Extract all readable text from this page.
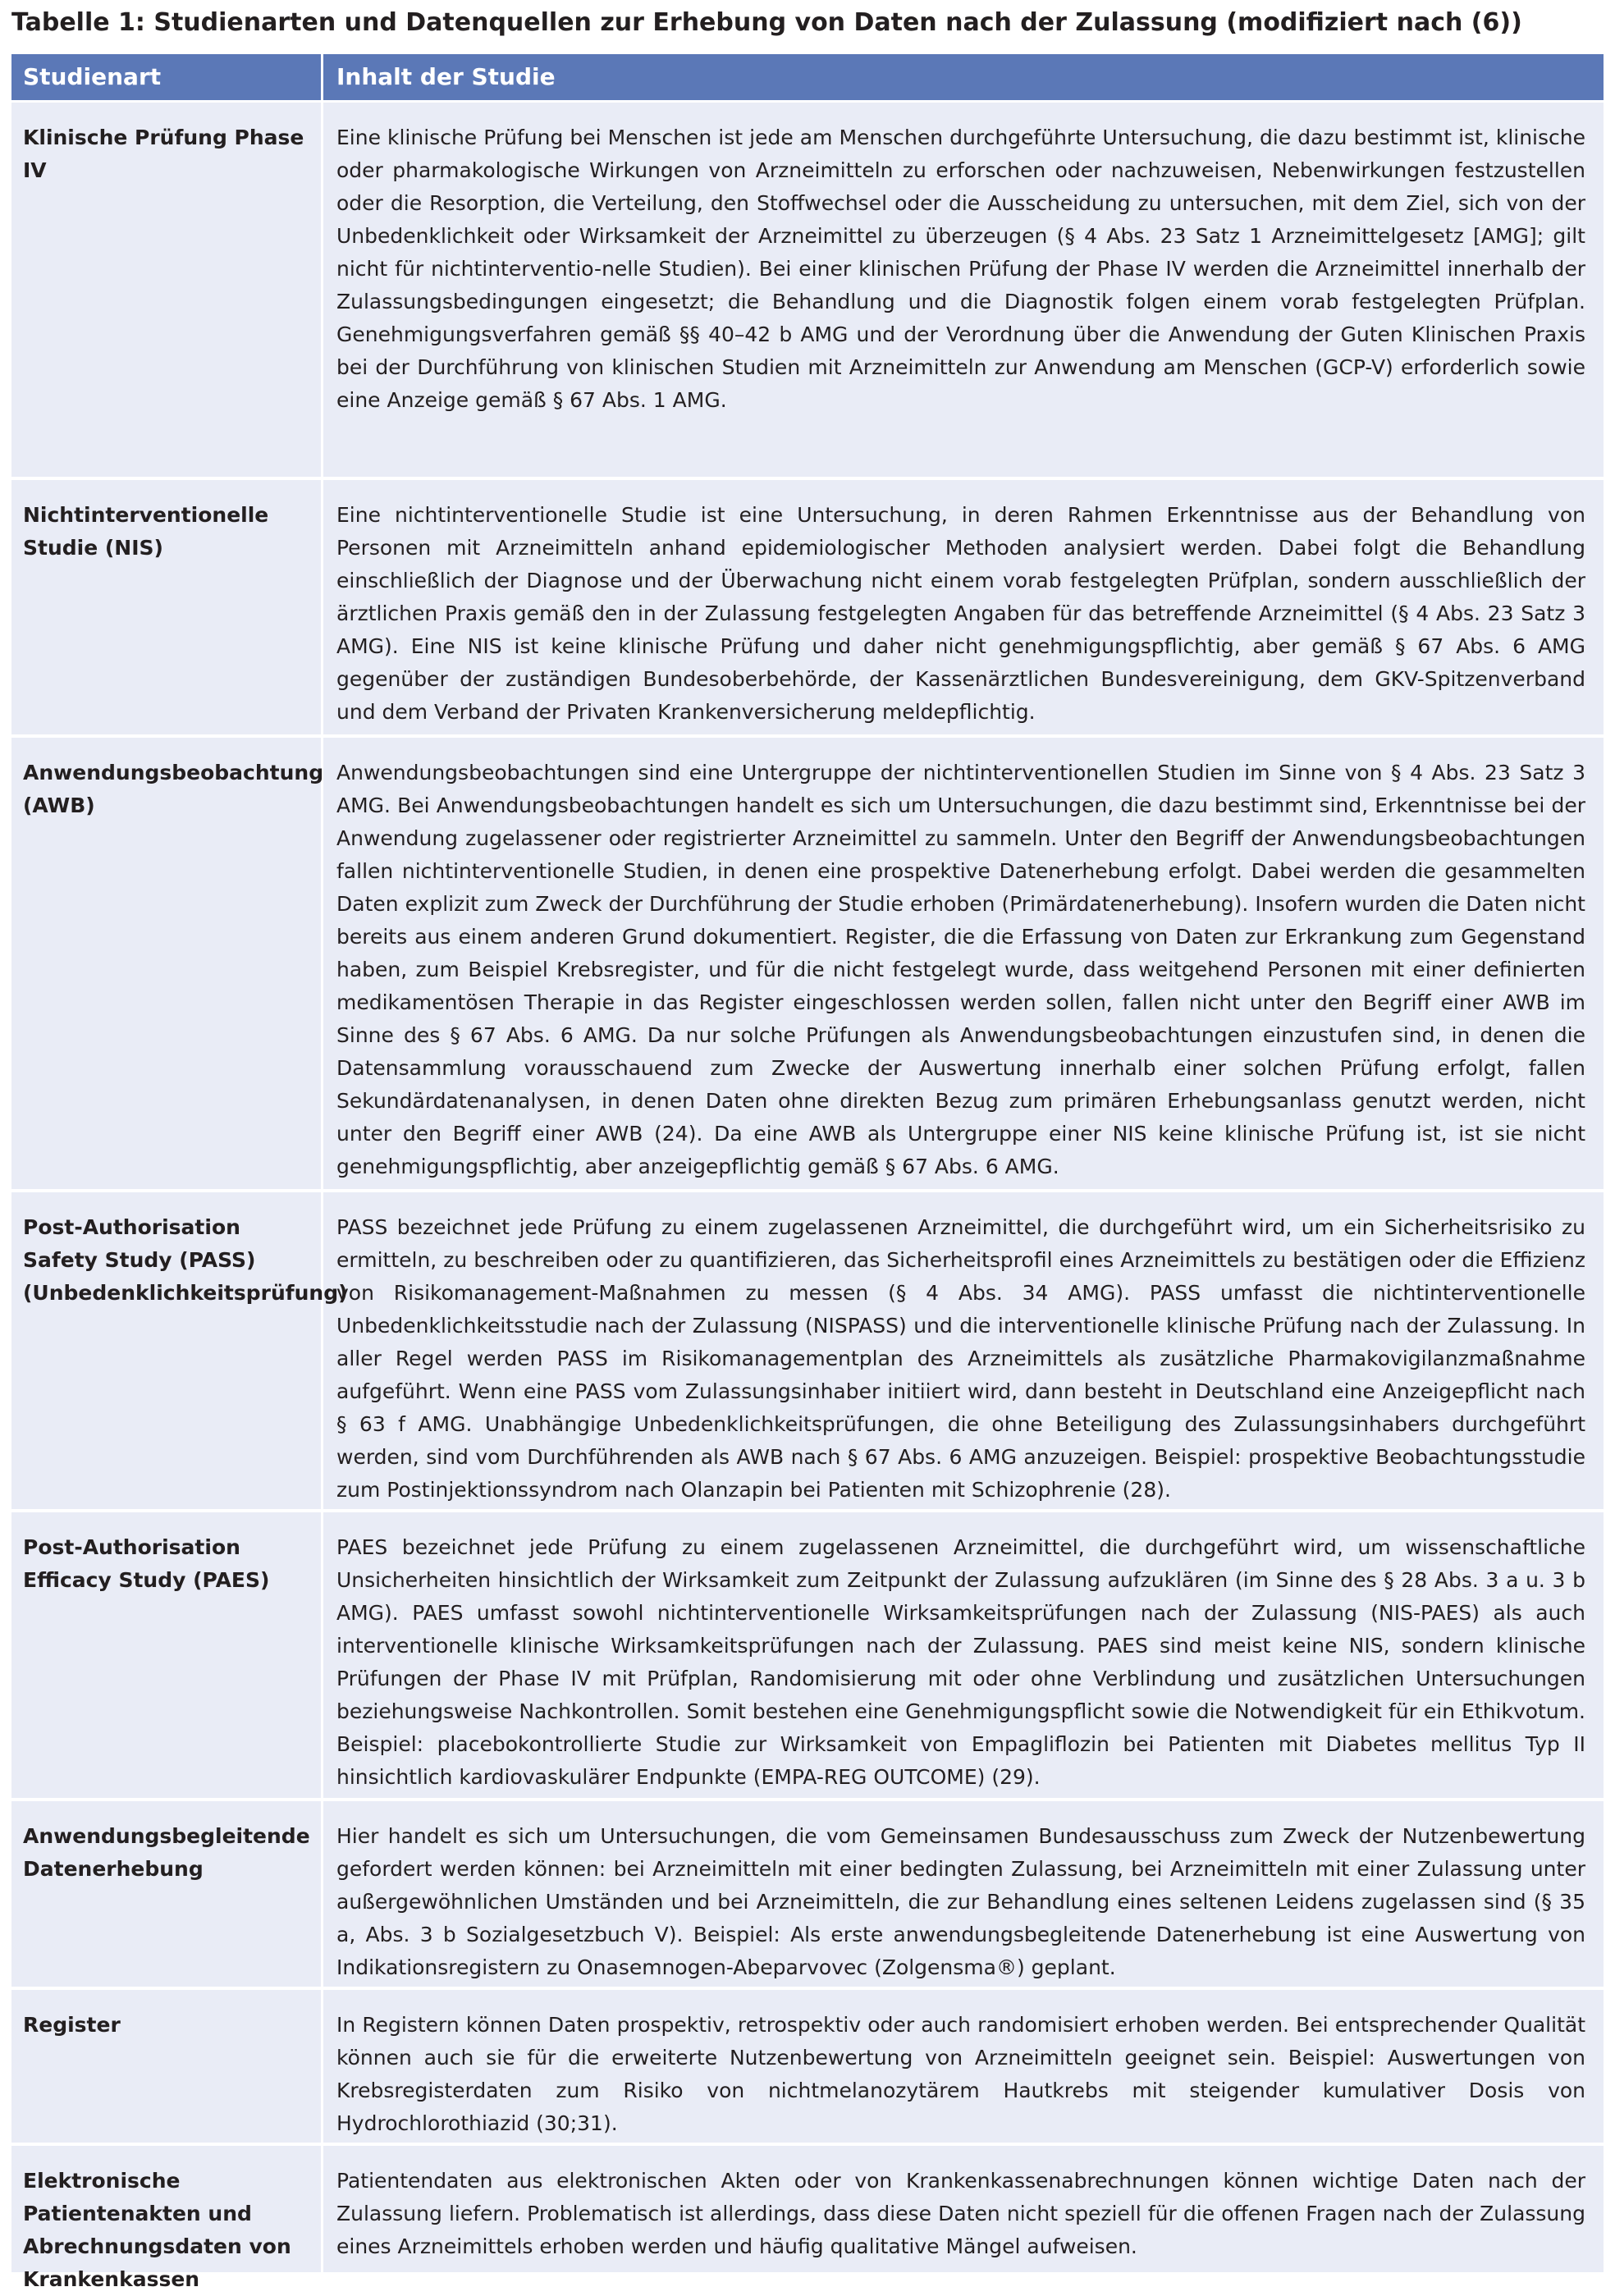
Tabelle 1: Studienarten und Datenquellen zur Erhebung von Daten nach der Zulassung (modifiziert nach (6))
Studienart	Inhalt der Studie
Klinische Prüfung Phase IV
Eine klinische Prüfung bei Menschen ist jede am Menschen durchgeführte Untersuchung, die dazu bestimmt ist, klinische oder pharmakologische Wirkungen von Arzneimitteln zu erforschen oder nachzuweisen, Nebenwirkungen festzustellen oder die Resorption, die Verteilung, den Stoffwechsel oder die Ausscheidung zu untersuchen, mit dem Ziel, sich von der Unbedenklichkeit oder Wirksamkeit der Arzneimittel zu überzeugen (§ 4 Abs. 23 Satz 1 Arzneimittelgesetz [AMG]; gilt nicht für nichtinterventio-nelle Studien). Bei einer klinischen Prüfung der Phase IV werden die Arzneimittel innerhalb der Zulassungsbedingungen eingesetzt; die Behandlung und die Diagnostik folgen einem vorab festgelegten Prüfplan. Genehmigungsverfahren gemäß §§ 40–42 b AMG und der Verordnung über die Anwendung der Guten Klinischen Praxis bei der Durchführung von klinischen Studien mit Arzneimitteln zur Anwendung am Menschen (GCP-V) erforderlich sowie eine Anzeige gemäß § 67 Abs. 1 AMG.
Nichtinterventionelle Studie (NIS)
Eine nichtinterventionelle Studie ist eine Untersuchung, in deren Rahmen Erkenntnisse aus der Behandlung von Personen mit Arzneimitteln anhand epidemiologischer Methoden analysiert werden. Dabei folgt die Behandlung einschließlich der Diagnose und der Überwachung nicht einem vorab festgelegten Prüfplan, sondern ausschließlich der ärztlichen Praxis gemäß den in der Zulassung festgelegten Angaben für das betreffende Arzneimittel (§ 4 Abs. 23 Satz 3 AMG). Eine NIS ist keine klinische Prüfung und daher nicht genehmigungspflichtig, aber gemäß § 67 Abs. 6 AMG gegenüber der zuständigen Bundesoberbehörde, der Kassenärztlichen Bundesvereinigung, dem GKV-Spitzenverband und dem Verband der Privaten Krankenversicherung meldepflichtig.
Anwendungsbeobachtung (AWB)
Anwendungsbeobachtungen sind eine Untergruppe der nichtinterventionellen Studien im Sinne von § 4 Abs. 23 Satz 3 AMG. Bei Anwendungsbeobachtungen handelt es sich um Untersuchungen, die dazu bestimmt sind, Erkenntnisse bei der Anwendung zugelassener oder registrierter Arzneimittel zu sammeln. Unter den Begriff der Anwendungsbeobachtungen fallen nichtinterventionelle Studien, in denen eine prospektive Datenerhebung erfolgt. Dabei werden die gesammelten Daten explizit zum Zweck der Durchführung der Studie erhoben (Primärdatenerhebung). Insofern wurden die Daten nicht bereits aus einem anderen Grund dokumentiert. Register, die die Erfassung von Daten zur Erkrankung zum Gegenstand haben, zum Beispiel Krebsregister, und für die nicht festgelegt wurde, dass weitgehend Personen mit einer definierten medikamentösen Therapie in das Register eingeschlossen werden sollen, fallen nicht unter den Begriff einer AWB im Sinne des § 67 Abs. 6 AMG. Da nur solche Prüfungen als Anwendungsbeobachtungen einzustufen sind, in denen die Datensammlung vorausschauend zum Zwecke der Auswertung innerhalb einer solchen Prüfung erfolgt, fallen Sekundärdatenanalysen, in denen Daten ohne direkten Bezug zum primären Erhebungsanlass genutzt werden, nicht unter den Begriff einer AWB (24). Da eine AWB als Untergruppe einer NIS keine klinische Prüfung ist, ist sie nicht genehmigungspflichtig, aber anzeigepflichtig gemäß § 67 Abs. 6 AMG.
Post-Authorisation Safety Study (PASS) (Unbedenklichkeitsprüfung)
PASS bezeichnet jede Prüfung zu einem zugelassenen Arzneimittel, die durchgeführt wird, um ein Sicherheitsrisiko zu ermitteln, zu beschreiben oder zu quantifizieren, das Sicherheitsprofil eines Arzneimittels zu bestätigen oder die Effizienz von Risikomanagement-Maßnahmen zu messen (§ 4 Abs. 34 AMG). PASS umfasst die nichtinterventionelle Unbedenklichkeitsstudie nach der Zulassung (NISPASS) und die interventionelle klinische Prüfung nach der Zulassung. In aller Regel werden PASS im Risikomanagementplan des Arzneimittels als zusätzliche Pharmakovigilanzmaßnahme aufgeführt. Wenn eine PASS vom Zulassungsinhaber initiiert wird, dann besteht in Deutschland eine Anzeigepflicht nach § 63 f AMG. Unabhängige Unbedenklichkeitsprüfungen, die ohne Beteiligung des Zulassungsinhabers durchgeführt werden, sind vom Durchführenden als AWB nach § 67 Abs. 6 AMG anzuzeigen. Beispiel: prospektive Beobachtungsstudie zum Postinjektionssyndrom nach Olanzapin bei Patienten mit Schizophrenie (28).
Post-Authorisation Efficacy Study (PAES)
PAES bezeichnet jede Prüfung zu einem zugelassenen Arzneimittel, die durchgeführt wird, um wissenschaftliche Unsicherheiten hinsichtlich der Wirksamkeit zum Zeitpunkt der Zulassung aufzuklären (im Sinne des § 28 Abs. 3 a u. 3 b AMG). PAES umfasst sowohl nichtinterventionelle Wirksamkeitsprüfungen nach der Zulassung (NIS-PAES) als auch interventionelle klinische Wirksamkeitsprüfungen nach der Zulassung. PAES sind meist keine NIS, sondern klinische Prüfungen der Phase IV mit Prüfplan, Randomisierung mit oder ohne Verblindung und zusätzlichen Untersuchungen beziehungsweise Nachkontrollen. Somit bestehen eine Genehmigungspflicht sowie die Notwendigkeit für ein Ethikvotum. Beispiel: placebokontrollierte Studie zur Wirksamkeit von Empagliflozin bei Patienten mit Diabetes mellitus Typ II hinsichtlich kardiovaskulärer Endpunkte (EMPA-REG OUTCOME) (29).
Anwendungsbegleitende Datenerhebung
Hier handelt es sich um Untersuchungen, die vom Gemeinsamen Bundesausschuss zum Zweck der Nutzenbewertung gefordert werden können: bei Arzneimitteln mit einer bedingten Zulassung, bei Arzneimitteln mit einer Zulassung unter außergewöhnlichen Umständen und bei Arzneimitteln, die zur Behandlung eines seltenen Leidens zugelassen sind (§ 35 a, Abs. 3 b Sozialgesetzbuch V). Beispiel: Als erste anwendungsbegleitende Datenerhebung ist eine Auswertung von Indikationsregistern zu Onasemnogen-Abeparvovec (Zolgensma®) geplant.
Register	In Registern können Daten prospektiv, retrospektiv oder auch randomisiert erhoben werden. Bei entsprechender Qualität können auch sie für die erweiterte Nutzenbewertung von Arzneimitteln geeignet sein. Beispiel: Auswertungen von Krebsregisterdaten zum Risiko von nichtmelanozytärem Hautkrebs mit steigender kumulativer Dosis von Hydrochlorothiazid (30;31).
Elektronische Patientenakten und Abrechnungsdaten von Krankenkassen
Patientendaten aus elektronischen Akten oder von Krankenkassenabrechnungen können wichtige Daten nach der Zulassung liefern. Problematisch ist allerdings, dass diese Daten nicht speziell für die offenen Fragen nach der Zulassung eines Arzneimittels erhoben werden und häufig qualitative Mängel aufweisen.
